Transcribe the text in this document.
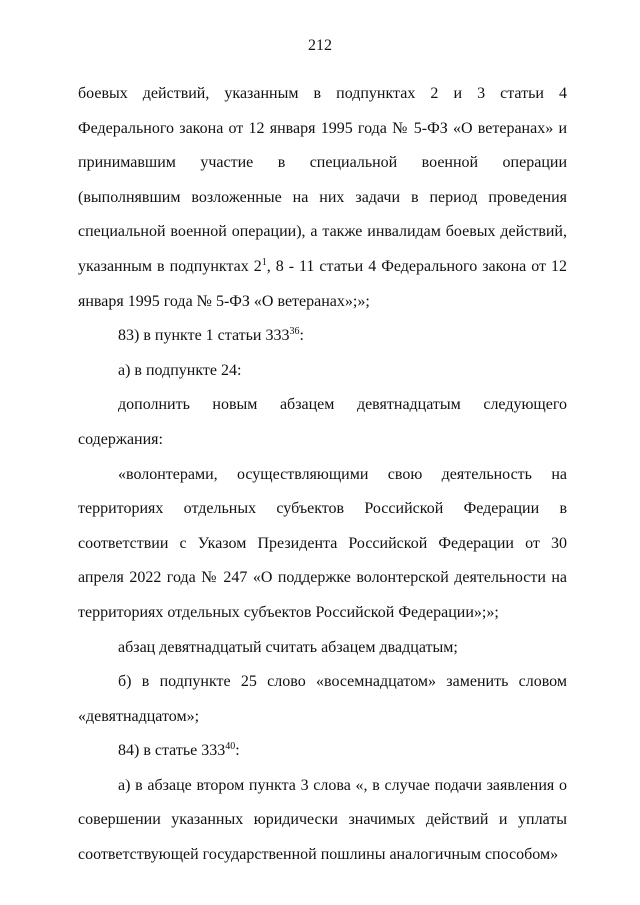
212

боевых действий, указанным в подпунктах 2 и 3 статьи 4 Федерального закона от 12 января 1995 года № 5-ФЗ «О ветеранах» и принимавшим участие в специальной военной операции (выполнявшим возложенные на них задачи в период проведения специальной военной операции), а также инвалидам боевых действий, указанным в подпунктах $2^1$, 8 - 11 статьи 4 Федерального закона от 12 января 1995 года № 5-ФЗ «О ветеранах»;»;

83) в пункте 1 статьи $333^{36}$:

а) в подпункте 24:

дополнить новым абзацем девятнадцатым следующего содержания:

«волонтерами, осуществляющими свою деятельность на территориях отдельных субъектов Российской Федерации в соответствии с Указом Президента Российской Федерации от 30 апреля 2022 года № 247 «О поддержке волонтерской деятельности на территориях отдельных субъектов Российской Федерации»;»;

абзац девятнадцатый считать абзацем двадцатым;

б) в подпункте 25 слово «восемнадцатом» заменить словом «девятнадцатом»;

84) в статье $333^{40}$:

а) в абзаце втором пункта 3 слова «, в случае подачи заявления о совершении указанных юридически значимых действий и уплаты соответствующей государственной пошлины аналогичным способом»
